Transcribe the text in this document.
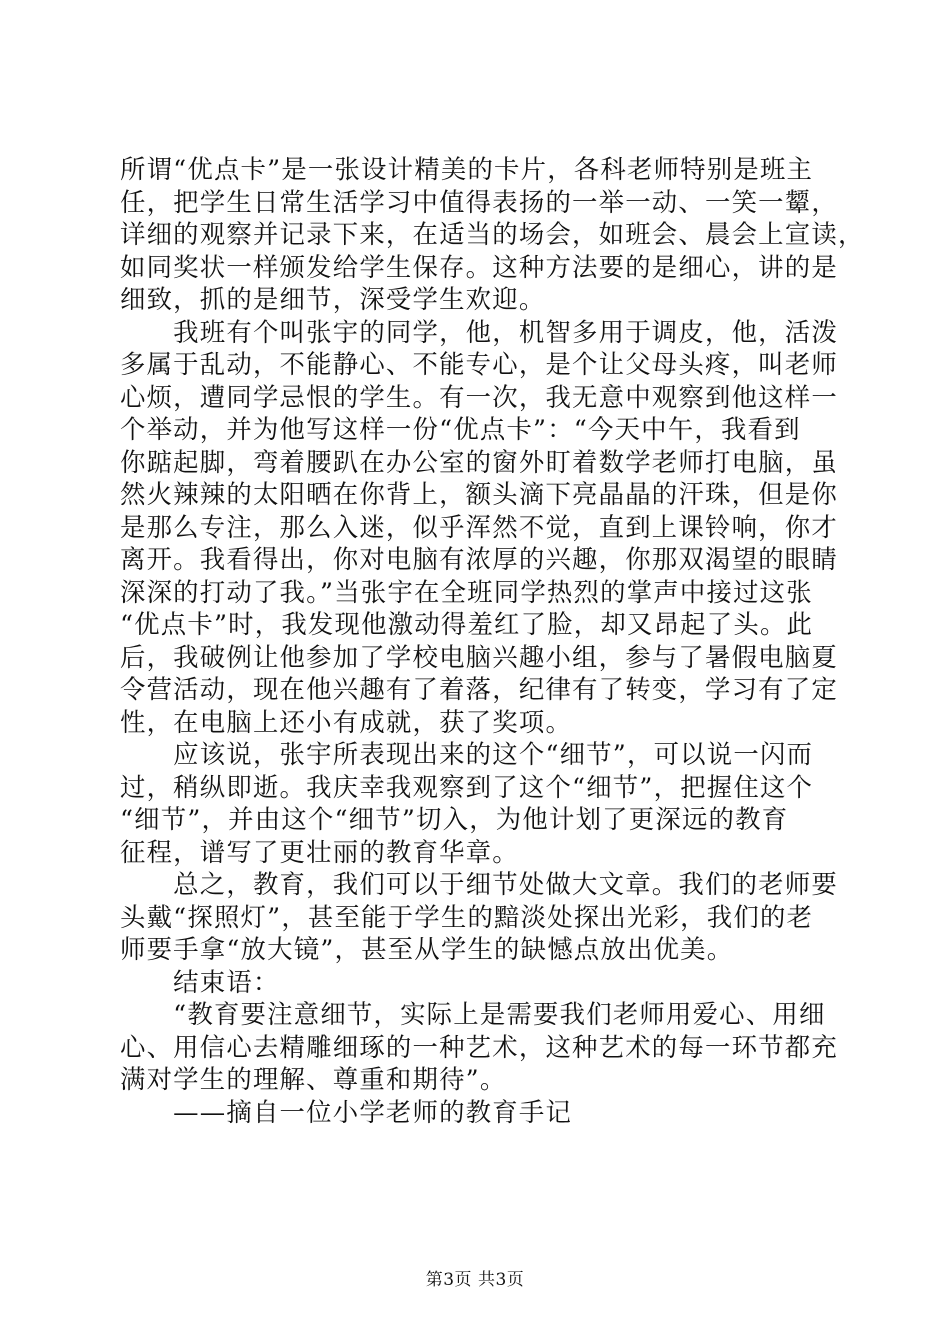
所谓“优点卡”是一张设计精美的卡片，各科老师特别是班主
任，把学生日常生活学习中值得表扬的一举一动、一笑一颦，
详细的观察并记录下来，在适当的场会，如班会、晨会上宣读，
如同奖状一样颁发给学生保存。这种方法要的是细心，讲的是
细致，抓的是细节，深受学生欢迎。
　　我班有个叫张宇的同学，他，机智多用于调皮，他，活泼
多属于乱动，不能静心、不能专心，是个让父母头疼，叫老师
心烦，遭同学忌恨的学生。有一次，我无意中观察到他这样一
个举动，并为他写这样一份“优点卡”：“今天中午，我看到
你踮起脚，弯着腰趴在办公室的窗外盯着数学老师打电脑，虽
然火辣辣的太阳晒在你背上，额头滴下亮晶晶的汗珠，但是你
是那么专注，那么入迷，似乎浑然不觉，直到上课铃响，你才
离开。我看得出，你对电脑有浓厚的兴趣，你那双渴望的眼睛
深深的打动了我。”当张宇在全班同学热烈的掌声中接过这张
“优点卡”时，我发现他激动得羞红了脸，却又昂起了头。此
后，我破例让他参加了学校电脑兴趣小组，参与了暑假电脑夏
令营活动，现在他兴趣有了着落，纪律有了转变，学习有了定
性，在电脑上还小有成就，获了奖项。
　　应该说，张宇所表现出来的这个“细节”，可以说一闪而
过，稍纵即逝。我庆幸我观察到了这个“细节”，把握住这个
“细节”，并由这个“细节”切入，为他计划了更深远的教育
征程，谱写了更壮丽的教育华章。
　　总之，教育，我们可以于细节处做大文章。我们的老师要
头戴“探照灯”，甚至能于学生的黯淡处探出光彩，我们的老
师要手拿“放大镜”，甚至从学生的缺憾点放出优美。
　　结束语：
　　“教育要注意细节，实际上是需要我们老师用爱心、用细
心、用信心去精雕细琢的一种艺术，这种艺术的每一环节都充
满对学生的理解、尊重和期待”。
　　——摘自一位小学老师的教育手记
第3页 共3页
